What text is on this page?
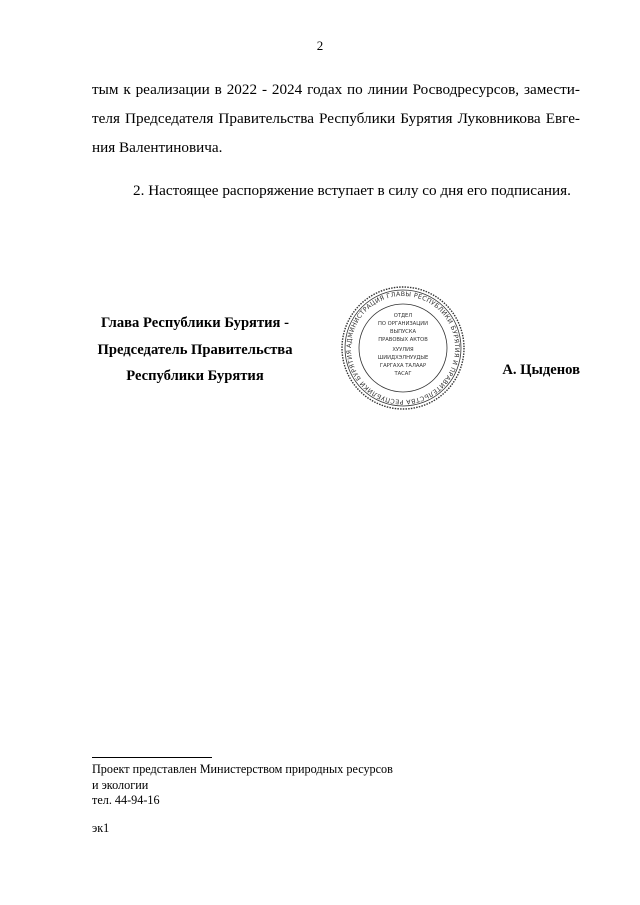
2
тым к реализации в 2022 - 2024 годах по линии Росводресурсов, замести-
теля Председателя Правительства Республики Бурятия Луковникова Евге-
ния Валентиновича.
2. Настоящее распоряжение вступает в силу со дня его подписания.
Глава Республики Бурятия -
Председатель Правительства
Республики Бурятия
АДМИНИСТРАЦИЯ ГЛАВЫ РЕСПУБЛИКИ БУРЯТИЯ И ПРАВИТЕЛЬСТВА РЕСПУБЛИКИ БУРЯТИЯ
ОТДЕЛ
ПО ОРГАНИЗАЦИИ
ВЫПУСКА
ПРАВОВЫХ АКТОВ
ХУУЛИЯ
ШИИДХЭЛНУУДЫЕ
ГАРГАХА ТАЛААР
ТАСАГ	А. Цыденов
Проект представлен Министерством природных ресурсов
и экологии
тел. 44-94-16
эк1
